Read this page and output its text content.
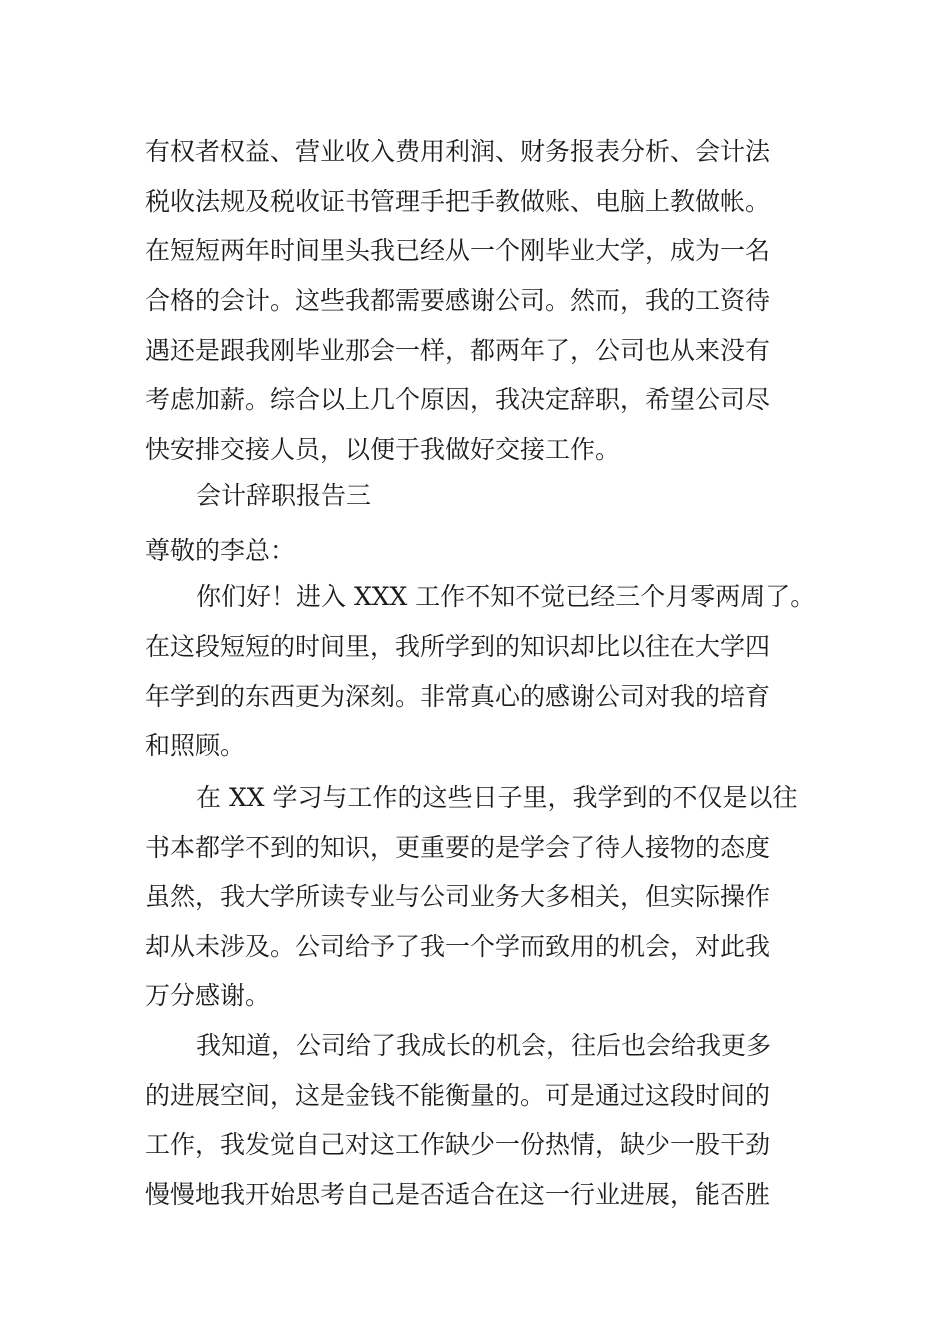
有权者权益、营业收入费用利润、财务报表分析、会计法
税收法规及税收证书管理手把手教做账、电脑上教做帐。
在短短两年时间里头我已经从一个刚毕业大学，成为一名
合格的会计。这些我都需要感谢公司。然而，我的工资待
遇还是跟我刚毕业那会一样，都两年了，公司也从来没有
考虑加薪。综合以上几个原因，我决定辞职，希望公司尽
快安排交接人员，以便于我做好交接工作。
会计辞职报告三
尊敬的李总：
你们好！进入 XXX 工作不知不觉已经三个月零两周了。
在这段短短的时间里，我所学到的知识却比以往在大学四
年学到的东西更为深刻。非常真心的感谢公司对我的培育
和照顾。
在 XX 学习与工作的这些日子里，我学到的不仅是以往
书本都学不到的知识，更重要的是学会了待人接物的态度
虽然，我大学所读专业与公司业务大多相关，但实际操作
却从未涉及。公司给予了我一个学而致用的机会，对此我
万分感谢。
我知道，公司给了我成长的机会，往后也会给我更多
的进展空间，这是金钱不能衡量的。可是通过这段时间的
工作，我发觉自己对这工作缺少一份热情，缺少一股干劲
慢慢地我开始思考自己是否适合在这一行业进展，能否胜
